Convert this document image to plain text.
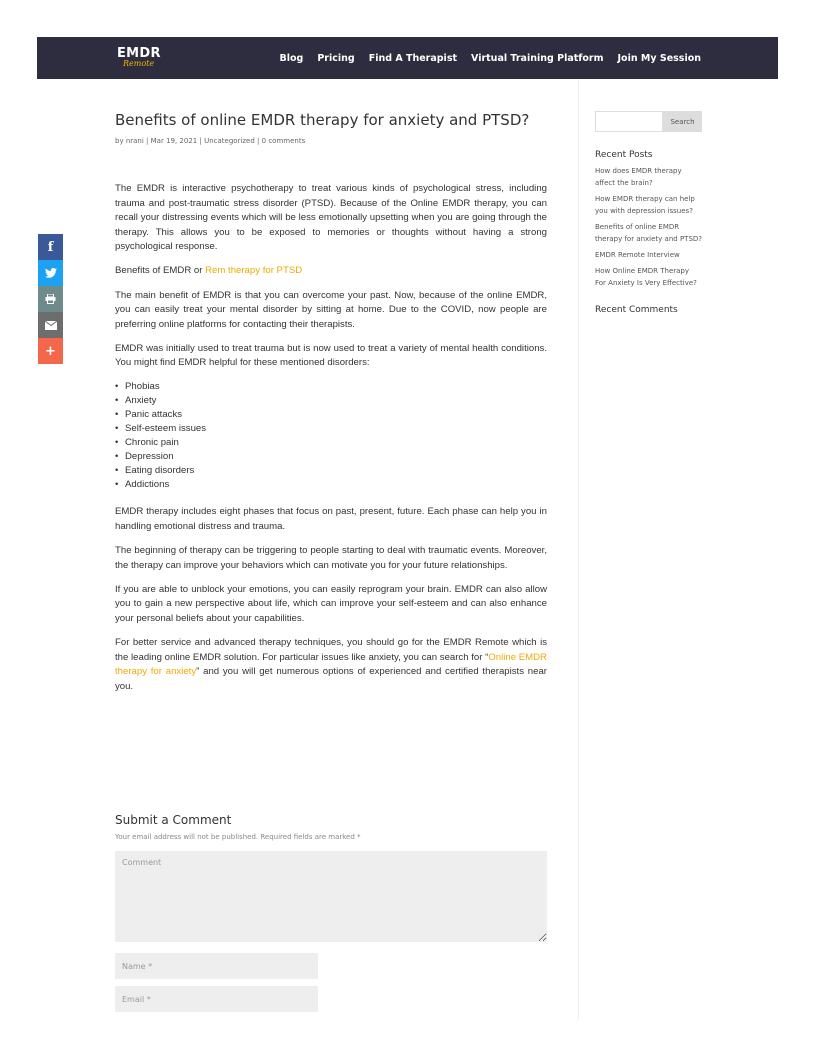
EMDR
Remote	Blog Pricing Find A Therapist Virtual Training Platform Join My Session
f
+
Benefits of online EMDR therapy for anxiety and PTSD?
by nrani | Mar 19, 2021 | Uncategorized | 0 comments

The EMDR is interactive psychotherapy to treat various kinds of psychological stress, including trauma and post-traumatic stress disorder (PTSD). Because of the Online EMDR therapy, you can recall your distressing events which will be less emotionally upsetting when you are going through the therapy. This allows you to be exposed to memories or thoughts without having a strong psychological response.

Benefits of EMDR or Rem therapy for PTSD

The main benefit of EMDR is that you can overcome your past. Now, because of the online EMDR, you can easily treat your mental disorder by sitting at home. Due to the COVID, now people are preferring online platforms for contacting their therapists.

EMDR was initially used to treat trauma but is now used to treat a variety of mental health conditions. You might find EMDR helpful for these mentioned disorders:

• Phobias
• Anxiety
• Panic attacks
• Self-esteem issues
• Chronic pain
• Depression
• Eating disorders
• Addictions

EMDR therapy includes eight phases that focus on past, present, future. Each phase can help you in handling emotional distress and trauma.

The beginning of therapy can be triggering to people starting to deal with traumatic events. Moreover, the therapy can improve your behaviors which can motivate you for your future relationships.

If you are able to unblock your emotions, you can easily reprogram your brain. EMDR can also allow you to gain a new perspective about life, which can improve your self-esteem and can also enhance your personal beliefs about your capabilities.

For better service and advanced therapy techniques, you should go for the EMDR Remote which is the leading online EMDR solution. For particular issues like anxiety, you can search for “Online EMDR therapy for anxiety” and you will get numerous options of experienced and certified therapists near you.

Submit a Comment
Your email address will not be published. Required fields are marked *
Comment
Name *
Email *
Search
Recent Posts
How does EMDR therapy affect the brain?
How EMDR therapy can help you with depression issues?
Benefits of online EMDR therapy for anxiety and PTSD?
EMDR Remote Interview
How Online EMDR Therapy For Anxiety Is Very Effective?
Recent Comments
